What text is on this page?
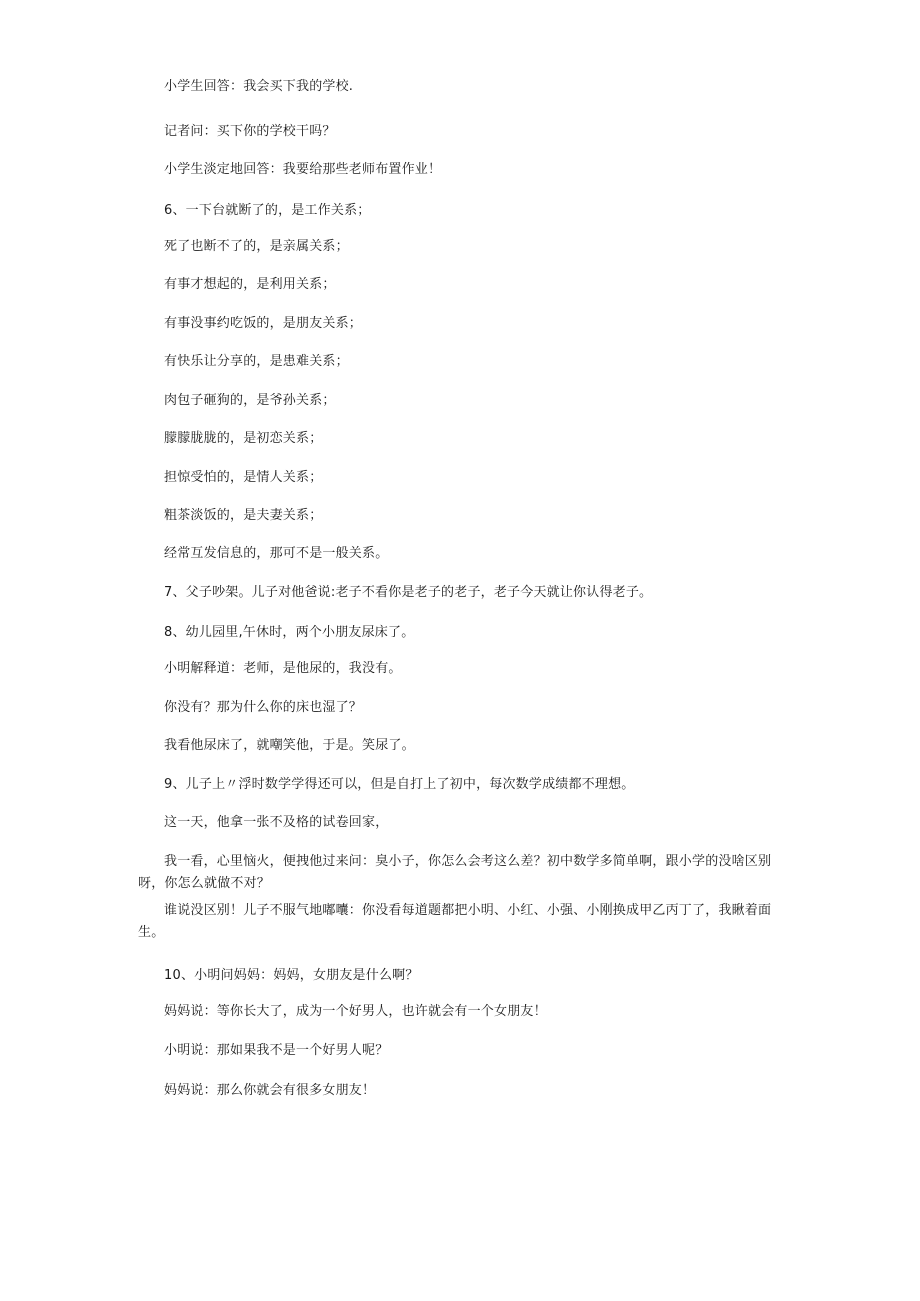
小学生回答：我会买下我的学校.
记者问：买下你的学校干吗？
小学生淡定地回答：我要给那些老师布置作业！
6、一下台就断了的，是工作关系；
死了也断不了的，是亲属关系；
有事才想起的，是利用关系；
有事没事约吃饭的，是朋友关系；
有快乐让分享的，是患难关系；
肉包子砸狗的，是爷孙关系；
朦朦胧胧的，是初恋关系；
担惊受怕的，是情人关系；
粗茶淡饭的，是夫妻关系；
经常互发信息的，那可不是一般关系。
7、父子吵架。儿子对他爸说:老子不看你是老子的老子，老子今天就让你认得老子。
8、幼儿园里,午休时，两个小朋友尿床了。
小明解释道：老师，是他尿的，我没有。
你没有？那为什么你的床也湿了？
我看他尿床了，就嘲笑他，于是。笑尿了。
9、儿子上〃浮时数学学得还可以，但是自打上了初中，每次数学成绩都不理想。
这一天，他拿一张不及格的试卷回家，
我一看，心里恼火，便拽他过来问：臭小子，你怎么会考这么差？初中数学多简单啊，跟小学的没啥区别呀，你怎么就做不对？
谁说没区别！儿子不服气地嘟囔：你没看每道题都把小明、小红、小强、小刚换成甲乙丙丁了，我瞅着面生。
10、小明问妈妈：妈妈，女朋友是什么啊？
妈妈说：等你长大了，成为一个好男人，也许就会有一个女朋友！
小明说：那如果我不是一个好男人呢？
妈妈说：那么你就会有很多女朋友！
